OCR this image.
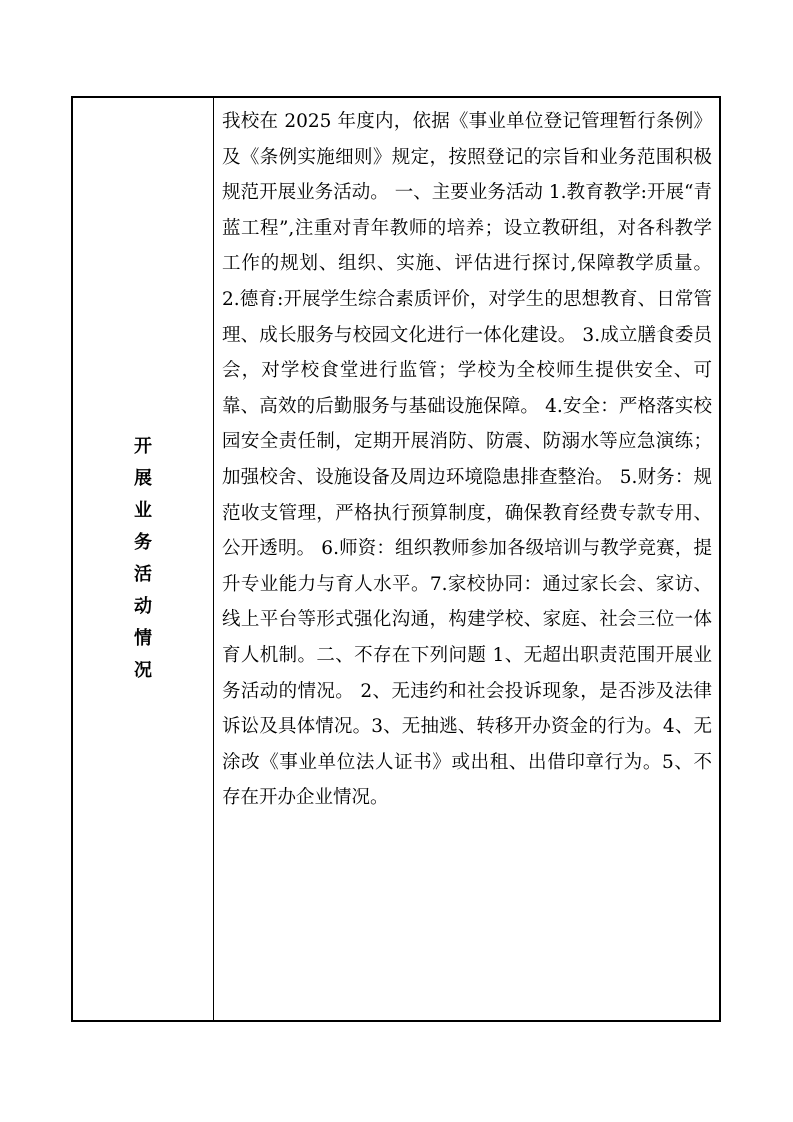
开
展
业
务
活
动
情
况

我校在 2025 年度内，依据《事业单位登记管理暂行条例》及《条例实施细则》规定，按照登记的宗旨和业务范围积极规范开展业务活动。 一、主要业务活动 1.教育教学:开展“青蓝工程”,注重对青年教师的培养；设立教研组，对各科教学工作的规划、组织、实施、评估进行探讨,保障教学质量。 2.德育:开展学生综合素质评价，对学生的思想教育、日常管理、成长服务与校园文化进行一体化建设。 3.成立膳食委员会，对学校食堂进行监管；学校为全校师生提供安全、可靠、高效的后勤服务与基础设施保障。 4.安全：严格落实校园安全责任制，定期开展消防、防震、防溺水等应急演练；加强校舍、设施设备及周边环境隐患排查整治。 5.财务：规范收支管理，严格执行预算制度，确保教育经费专款专用、公开透明。 6.师资：组织教师参加各级培训与教学竞赛，提升专业能力与育人水平。7.家校协同：通过家长会、家访、线上平台等形式强化沟通，构建学校、家庭、社会三位一体育人机制。二、不存在下列问题 1、无超出职责范围开展业务活动的情况。 2、无违约和社会投诉现象，是否涉及法律诉讼及具体情况。3、无抽逃、转移开办资金的行为。4、无涂改《事业单位法人证书》或出租、出借印章行为。5、不存在开办企业情况。
